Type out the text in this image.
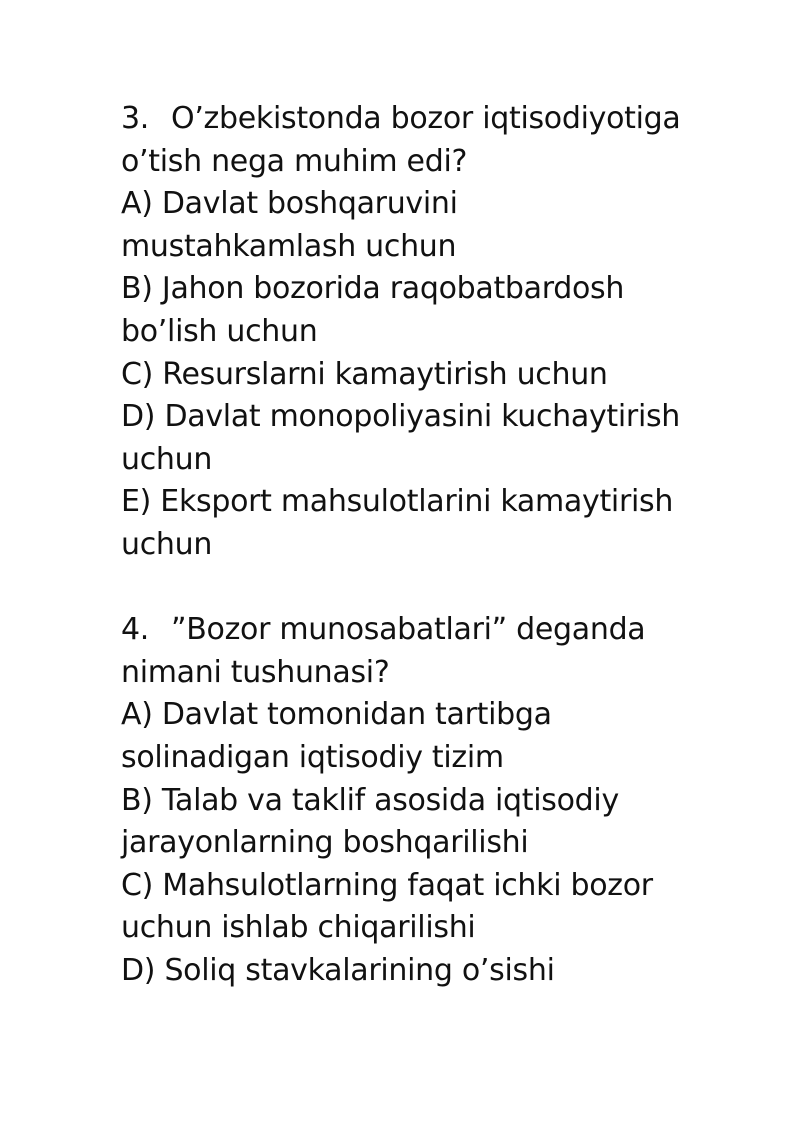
3. O’zbekistonda bozor iqtisodiyotiga o’tish nega muhim edi?
A) Davlat boshqaruvini mustahkamlash uchun
B) Jahon bozorida raqobatbardosh bo’lish uchun
C) Resurslarni kamaytirish uchun
D) Davlat monopoliyasini kuchaytirish uchun
E) Eksport mahsulotlarini kamaytirish uchun
4. ”Bozor munosabatlari” deganda nimani tushunasi?
A) Davlat tomonidan tartibga solinadigan iqtisodiy tizim
B) Talab va taklif asosida iqtisodiy jarayonlarning boshqarilishi
C) Mahsulotlarning faqat ichki bozor uchun ishlab chiqarilishi
D) Soliq stavkalarining o’sishi
